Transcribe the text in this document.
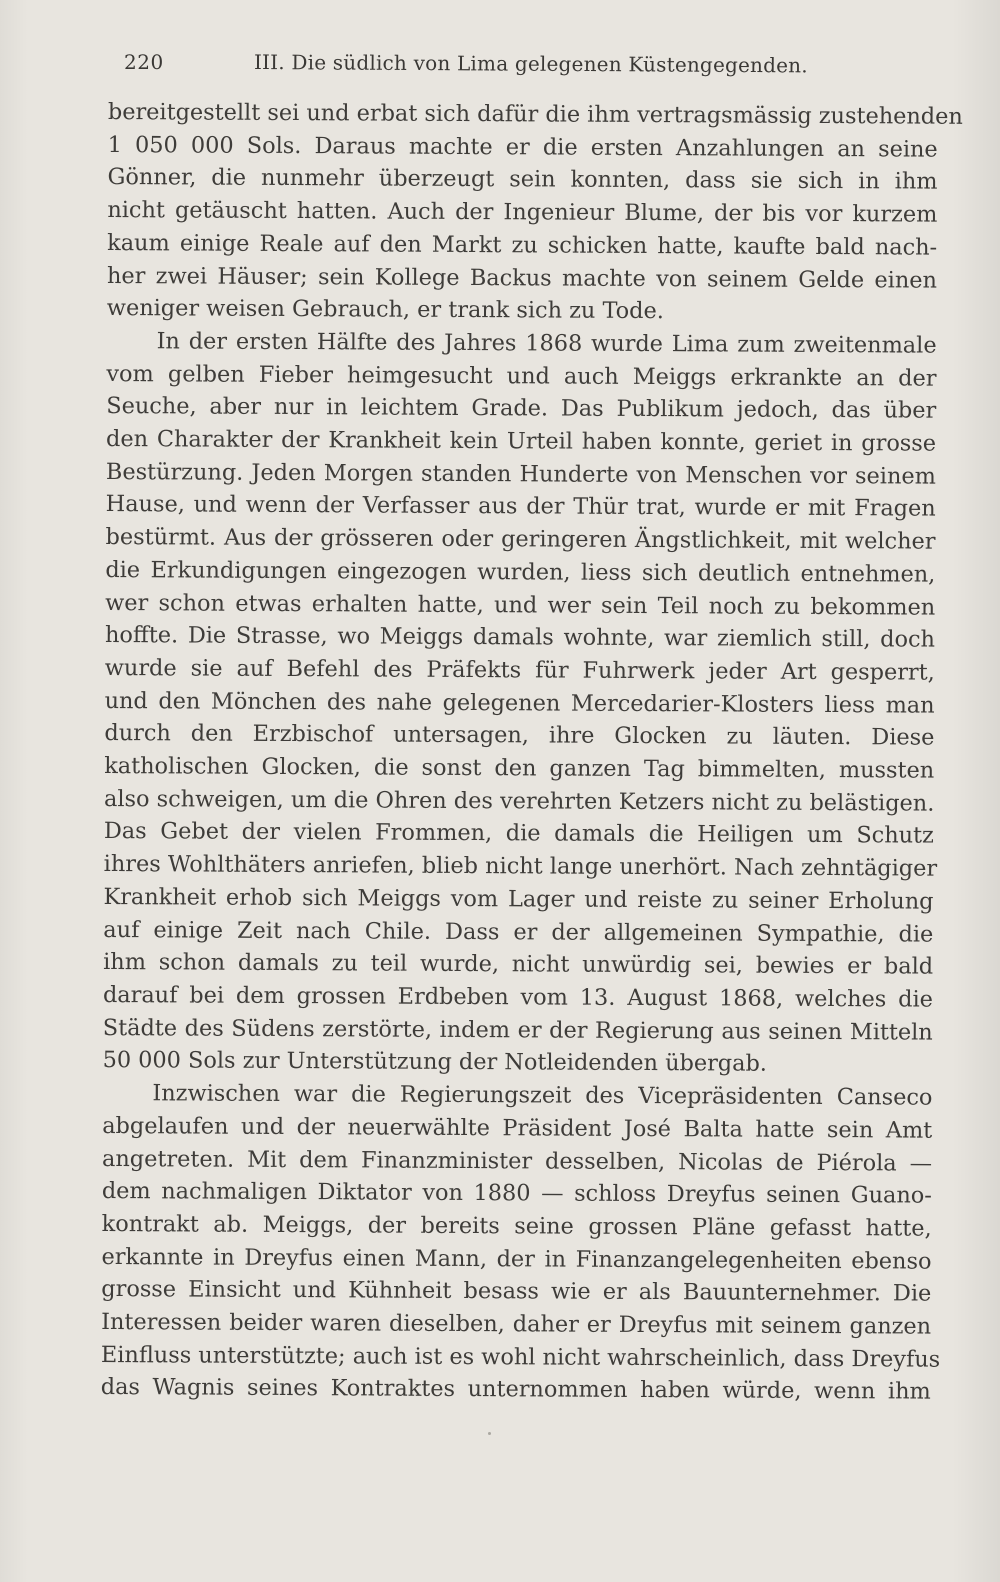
220	III. Die südlich von Lima gelegenen Küstengegenden.
bereitgestellt sei und erbat sich dafür die ihm vertragsmässig zustehenden
1 050 000 Sols. Daraus machte er die ersten Anzahlungen an seine
Gönner, die nunmehr überzeugt sein konnten, dass sie sich in ihm
nicht getäuscht hatten. Auch der Ingenieur Blume, der bis vor kurzem
kaum einige Reale auf den Markt zu schicken hatte, kaufte bald nach-
her zwei Häuser; sein Kollege Backus machte von seinem Gelde einen
weniger weisen Gebrauch, er trank sich zu Tode.
In der ersten Hälfte des Jahres 1868 wurde Lima zum zweitenmale
vom gelben Fieber heimgesucht und auch Meiggs erkrankte an der
Seuche, aber nur in leichtem Grade. Das Publikum jedoch, das über
den Charakter der Krankheit kein Urteil haben konnte, geriet in grosse
Bestürzung. Jeden Morgen standen Hunderte von Menschen vor seinem
Hause, und wenn der Verfasser aus der Thür trat, wurde er mit Fragen
bestürmt. Aus der grösseren oder geringeren Ängstlichkeit, mit welcher
die Erkundigungen eingezogen wurden, liess sich deutlich entnehmen,
wer schon etwas erhalten hatte, und wer sein Teil noch zu bekommen
hoffte. Die Strasse, wo Meiggs damals wohnte, war ziemlich still, doch
wurde sie auf Befehl des Präfekts für Fuhrwerk jeder Art gesperrt,
und den Mönchen des nahe gelegenen Mercedarier-Klosters liess man
durch den Erzbischof untersagen, ihre Glocken zu läuten. Diese
katholischen Glocken, die sonst den ganzen Tag bimmelten, mussten
also schweigen, um die Ohren des verehrten Ketzers nicht zu belästigen.
Das Gebet der vielen Frommen, die damals die Heiligen um Schutz
ihres Wohlthäters anriefen, blieb nicht lange unerhört. Nach zehntägiger
Krankheit erhob sich Meiggs vom Lager und reiste zu seiner Erholung
auf einige Zeit nach Chile. Dass er der allgemeinen Sympathie, die
ihm schon damals zu teil wurde, nicht unwürdig sei, bewies er bald
darauf bei dem grossen Erdbeben vom 13. August 1868, welches die
Städte des Südens zerstörte, indem er der Regierung aus seinen Mitteln
50 000 Sols zur Unterstützung der Notleidenden übergab.
Inzwischen war die Regierungszeit des Vicepräsidenten Canseco
abgelaufen und der neuerwählte Präsident José Balta hatte sein Amt
angetreten. Mit dem Finanzminister desselben, Nicolas de Piérola —
dem nachmaligen Diktator von 1880 — schloss Dreyfus seinen Guano-
kontrakt ab. Meiggs, der bereits seine grossen Pläne gefasst hatte,
erkannte in Dreyfus einen Mann, der in Finanzangelegenheiten ebenso
grosse Einsicht und Kühnheit besass wie er als Bauunternehmer. Die
Interessen beider waren dieselben, daher er Dreyfus mit seinem ganzen
Einfluss unterstützte; auch ist es wohl nicht wahrscheinlich, dass Dreyfus
das Wagnis seines Kontraktes unternommen haben würde, wenn ihm
